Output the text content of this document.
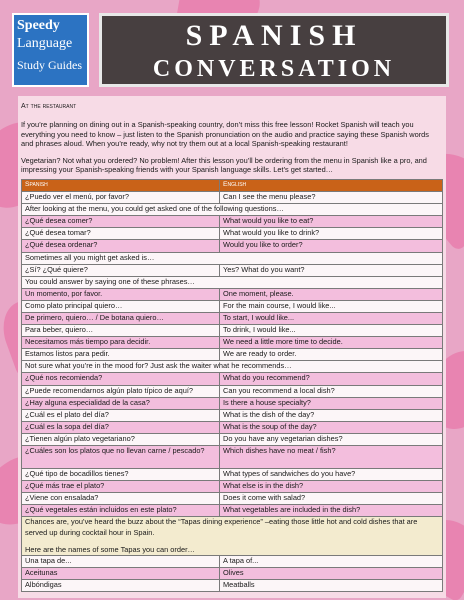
Speedy
Language
Study Guides
SPANISH
CONVERSATION
At the restaurant

If you’re planning on dining out in a Spanish-speaking country, don’t miss this free lesson! Rocket Spanish will teach you everything you need to know – just listen to the Spanish pronunciation on the audio and practice saying these Spanish words and phrases aloud. When you’re ready, why not try them out at a local Spanish-speaking restaurant!

Vegetarian? Not what you ordered? No problem! After this lesson you’ll be ordering from the menu in Spanish like a pro, and impressing your Spanish-speaking friends with your Spanish language skills. Let’s get started…

Spanish	English
¿Puedo ver el menú, por favor?	Can I see the menu please?
After looking at the menu, you could get asked one of the following questions…	
¿Qué desea comer?	What would you like to eat?
¿Qué desea tomar?	What would you like to drink?
¿Qué desea ordenar?	Would you like to order?
Sometimes all you might get asked is…	
¿Sí? ¿Qué quiere?	Yes? What do you want?
You could answer by saying one of these phrases…	
Un momento, por favor.	One moment, please.
Como plato principal quiero…	For the main course, I would like...
De primero, quiero… / De botana quiero…	To start, I would like...
Para beber, quiero…	To drink, I would like...
Necesitamos más tiempo para decidir.	We need a little more time to decide.
Estamos listos para pedir.	We are ready to order.
Not sure what you’re in the mood for? Just ask the waiter what he recommends…	
¿Qué nos recomienda?	What do you recommend?
¿Puede recomendarnos algún plato típico de aquí?	Can you recommend a local dish?
¿Hay alguna especialidad de la casa?	Is there a house specialty?
¿Cuál es el plato del día?	What is the dish of the day?
¿Cuál es la sopa del día?	What is the soup of the day?
¿Tienen algún plato vegetariano?	Do you have any vegetarian dishes?
¿Cuáles son los platos que no llevan carne / pescado?	Which dishes have no meat / fish?
¿Qué tipo de bocadillos tienes?	What types of sandwiches do you have?
¿Qué más trae el plato?	What else is in the dish?
¿Viene con ensalada?	Does it come with salad?
¿Qué vegetales están incluidos en este plato?	What vegetables are included in the dish?

Chances are, you’ve heard the buzz about the “Tapas dining experience” –eating those little hot and cold dishes that are served up during cocktail hour in Spain.
Here are the names of some Tapas you can order…	

Una tapa de...	A tapa of...
Aceitunas	Olives
Albóndigas	Meatballs
